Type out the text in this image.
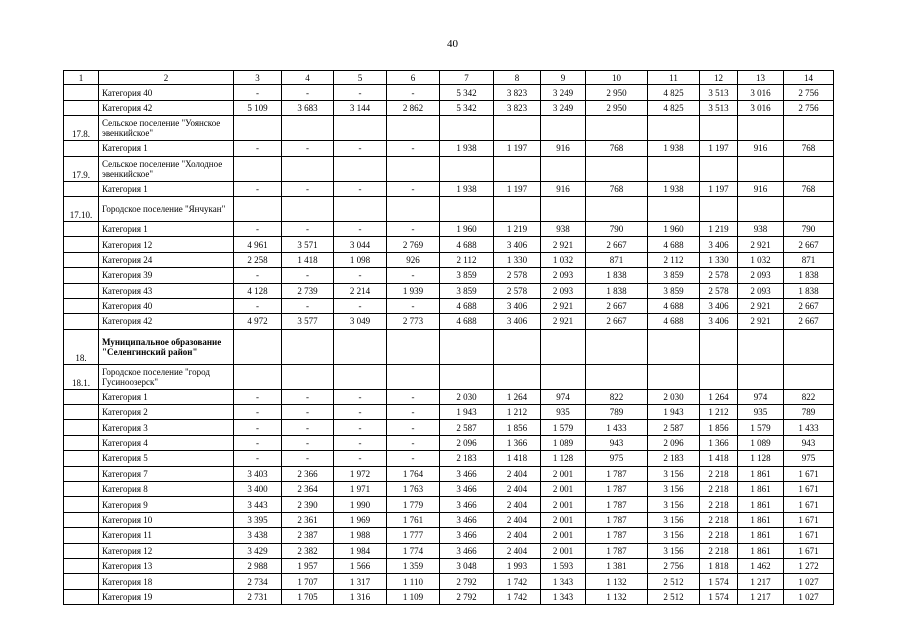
40
1	2	3	4	5	6	7	8	9	10	11	12	13	14
	Категория 40	-	-	-	-	5 342	3 823	3 249	2 950	4 825	3 513	3 016	2 756
	Категория 42	5 109	3 683	3 144	2 862	5 342	3 823	3 249	2 950	4 825	3 513	3 016	2 756
17.8.	Сельское поселение "Уоянское эвенкийское"												
	Категория 1	-	-	-	-	1 938	1 197	916	768	1 938	1 197	916	768
17.9.	Сельское поселение "Холодное эвенкийское"												
	Категория 1	-	-	-	-	1 938	1 197	916	768	1 938	1 197	916	768
17.10.	Городское поселение "Янчукан"												
	Категория 1	-	-	-	-	1 960	1 219	938	790	1 960	1 219	938	790
	Категория 12	4 961	3 571	3 044	2 769	4 688	3 406	2 921	2 667	4 688	3 406	2 921	2 667
	Категория 24	2 258	1 418	1 098	926	2 112	1 330	1 032	871	2 112	1 330	1 032	871
	Категория 39	-	-	-	-	3 859	2 578	2 093	1 838	3 859	2 578	2 093	1 838
	Категория 43	4 128	2 739	2 214	1 939	3 859	2 578	2 093	1 838	3 859	2 578	2 093	1 838
	Категория 40	-	-	-	-	4 688	3 406	2 921	2 667	4 688	3 406	2 921	2 667
	Категория 42	4 972	3 577	3 049	2 773	4 688	3 406	2 921	2 667	4 688	3 406	2 921	2 667
18.	Муниципальное образование "Селенгинский район"												
18.1.	Городское поселение "город Гусиноозерск"												
	Категория 1	-	-	-	-	2 030	1 264	974	822	2 030	1 264	974	822
	Категория 2	-	-	-	-	1 943	1 212	935	789	1 943	1 212	935	789
	Категория 3	-	-	-	-	2 587	1 856	1 579	1 433	2 587	1 856	1 579	1 433
	Категория 4	-	-	-	-	2 096	1 366	1 089	943	2 096	1 366	1 089	943
	Категория 5	-	-	-	-	2 183	1 418	1 128	975	2 183	1 418	1 128	975
	Категория 7	3 403	2 366	1 972	1 764	3 466	2 404	2 001	1 787	3 156	2 218	1 861	1 671
	Категория 8	3 400	2 364	1 971	1 763	3 466	2 404	2 001	1 787	3 156	2 218	1 861	1 671
	Категория 9	3 443	2 390	1 990	1 779	3 466	2 404	2 001	1 787	3 156	2 218	1 861	1 671
	Категория 10	3 395	2 361	1 969	1 761	3 466	2 404	2 001	1 787	3 156	2 218	1 861	1 671
	Категория 11	3 438	2 387	1 988	1 777	3 466	2 404	2 001	1 787	3 156	2 218	1 861	1 671
	Категория 12	3 429	2 382	1 984	1 774	3 466	2 404	2 001	1 787	3 156	2 218	1 861	1 671
	Категория 13	2 988	1 957	1 566	1 359	3 048	1 993	1 593	1 381	2 756	1 818	1 462	1 272
	Категория 18	2 734	1 707	1 317	1 110	2 792	1 742	1 343	1 132	2 512	1 574	1 217	1 027
	Категория 19	2 731	1 705	1 316	1 109	2 792	1 742	1 343	1 132	2 512	1 574	1 217	1 027
